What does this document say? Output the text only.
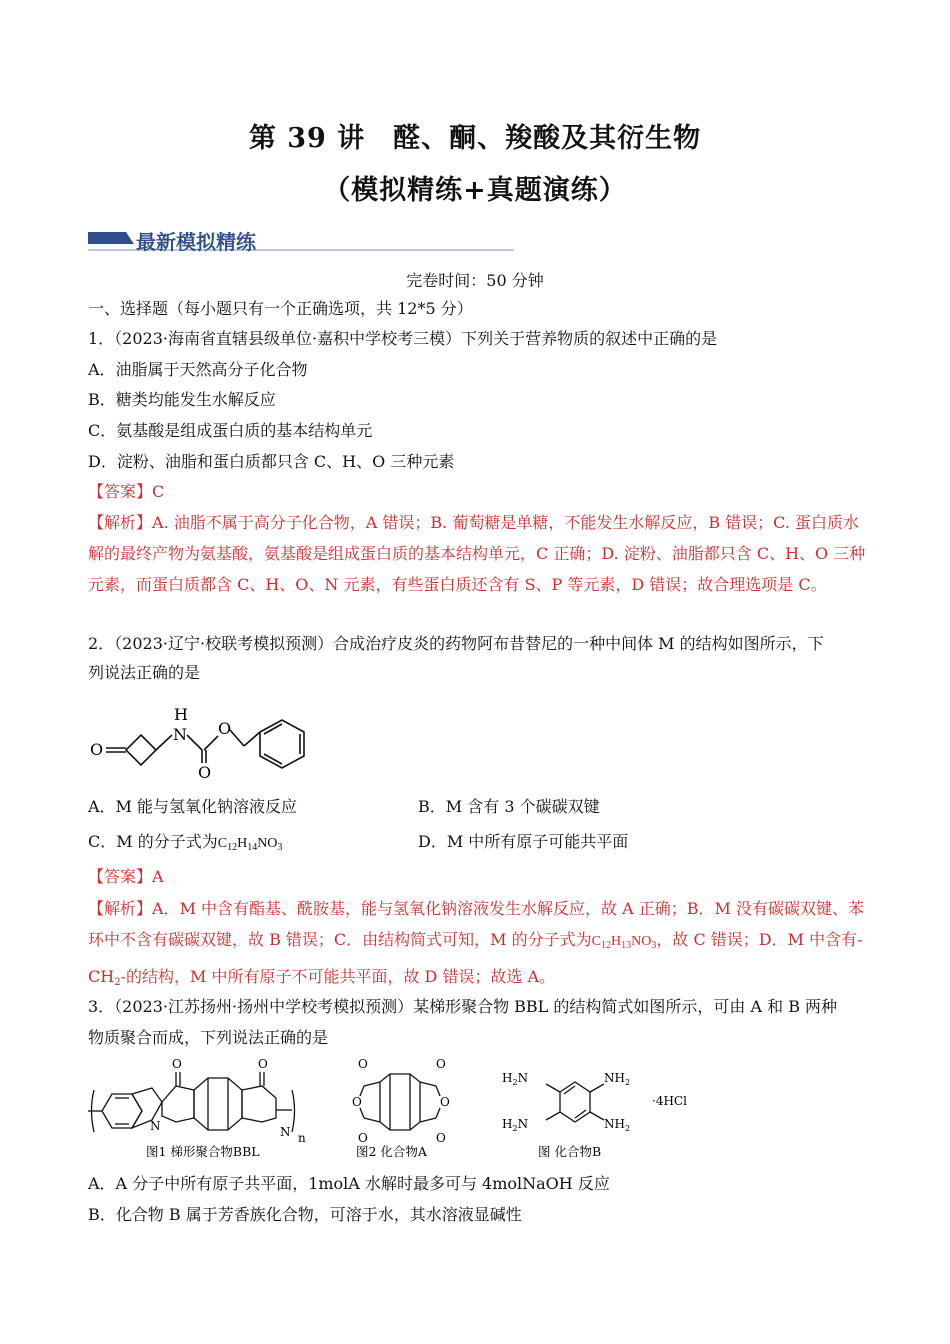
第 39 讲　醛、酮、羧酸及其衍生物
（模拟精练+真题演练）
最新模拟精练
完卷时间：50 分钟
一、选择题（每小题只有一个正确选项，共 12*5 分）
1．（2023·海南省直辖县级单位·嘉积中学校考三模）下列关于营养物质的叙述中正确的是
A．油脂属于天然高分子化合物
B．糖类均能发生水解反应
C．氨基酸是组成蛋白质的基本结构单元
D．淀粉、油脂和蛋白质都只含 C、H、O 三种元素
【答案】C
【解析】A. 油脂不属于高分子化合物，A 错误；B. 葡萄糖是单糖，不能发生水解反应，B 错误；C. 蛋白质水解的最终产物为氨基酸，氨基酸是组成蛋白质的基本结构单元，C 正确；D. 淀粉、油脂都只含 C、H、O 三种元素，而蛋白质都含 C、H、O、N 元素，有些蛋白质还含有 S、P 等元素，D 错误；故合理选项是 C。
2．（2023·辽宁·校联考模拟预测）合成治疗皮炎的药物阿布昔替尼的一种中间体 M 的结构如图所示，下
列说法正确的是
O
N
H
O
O
A．M 能与氢氧化钠溶液反应	B．M 含有 3 个碳碳双键
C．M 的分子式为$C_{12}H_{14}NO_3$	D．M 中所有原子可能共平面
【答案】A
【解析】A．M 中含有酯基、酰胺基，能与氢氧化钠溶液发生水解反应，故 A 正确；B．M 没有碳碳双键、苯环中不含有碳碳双键，故 B 错误；C．由结构简式可知，M 的分子式为$C_{12}H_{13}NO_3$，故 C 错误；D．M 中含有$-CH_2-$的结构，M 中所有原子不可能共平面，故 D 错误；故选 A。
3．（2023·江苏扬州·扬州中学校考模拟预测）某梯形聚合物 BBL 的结构简式如图所示，可由 A 和 B 两种
物质聚合而成，下列说法正确的是
O	O
N	N n
图1 梯形聚合物BBL
O	O
O	O
O	O
图2 化合物A
$H_2N$	$NH_2$
$H_2N$	$NH_2$
·4HCl
图 化合物B
A．A 分子中所有原子共平面，1molA 水解时最多可与 4molNaOH 反应
B．化合物 B 属于芳香族化合物，可溶于水，其水溶液显碱性
